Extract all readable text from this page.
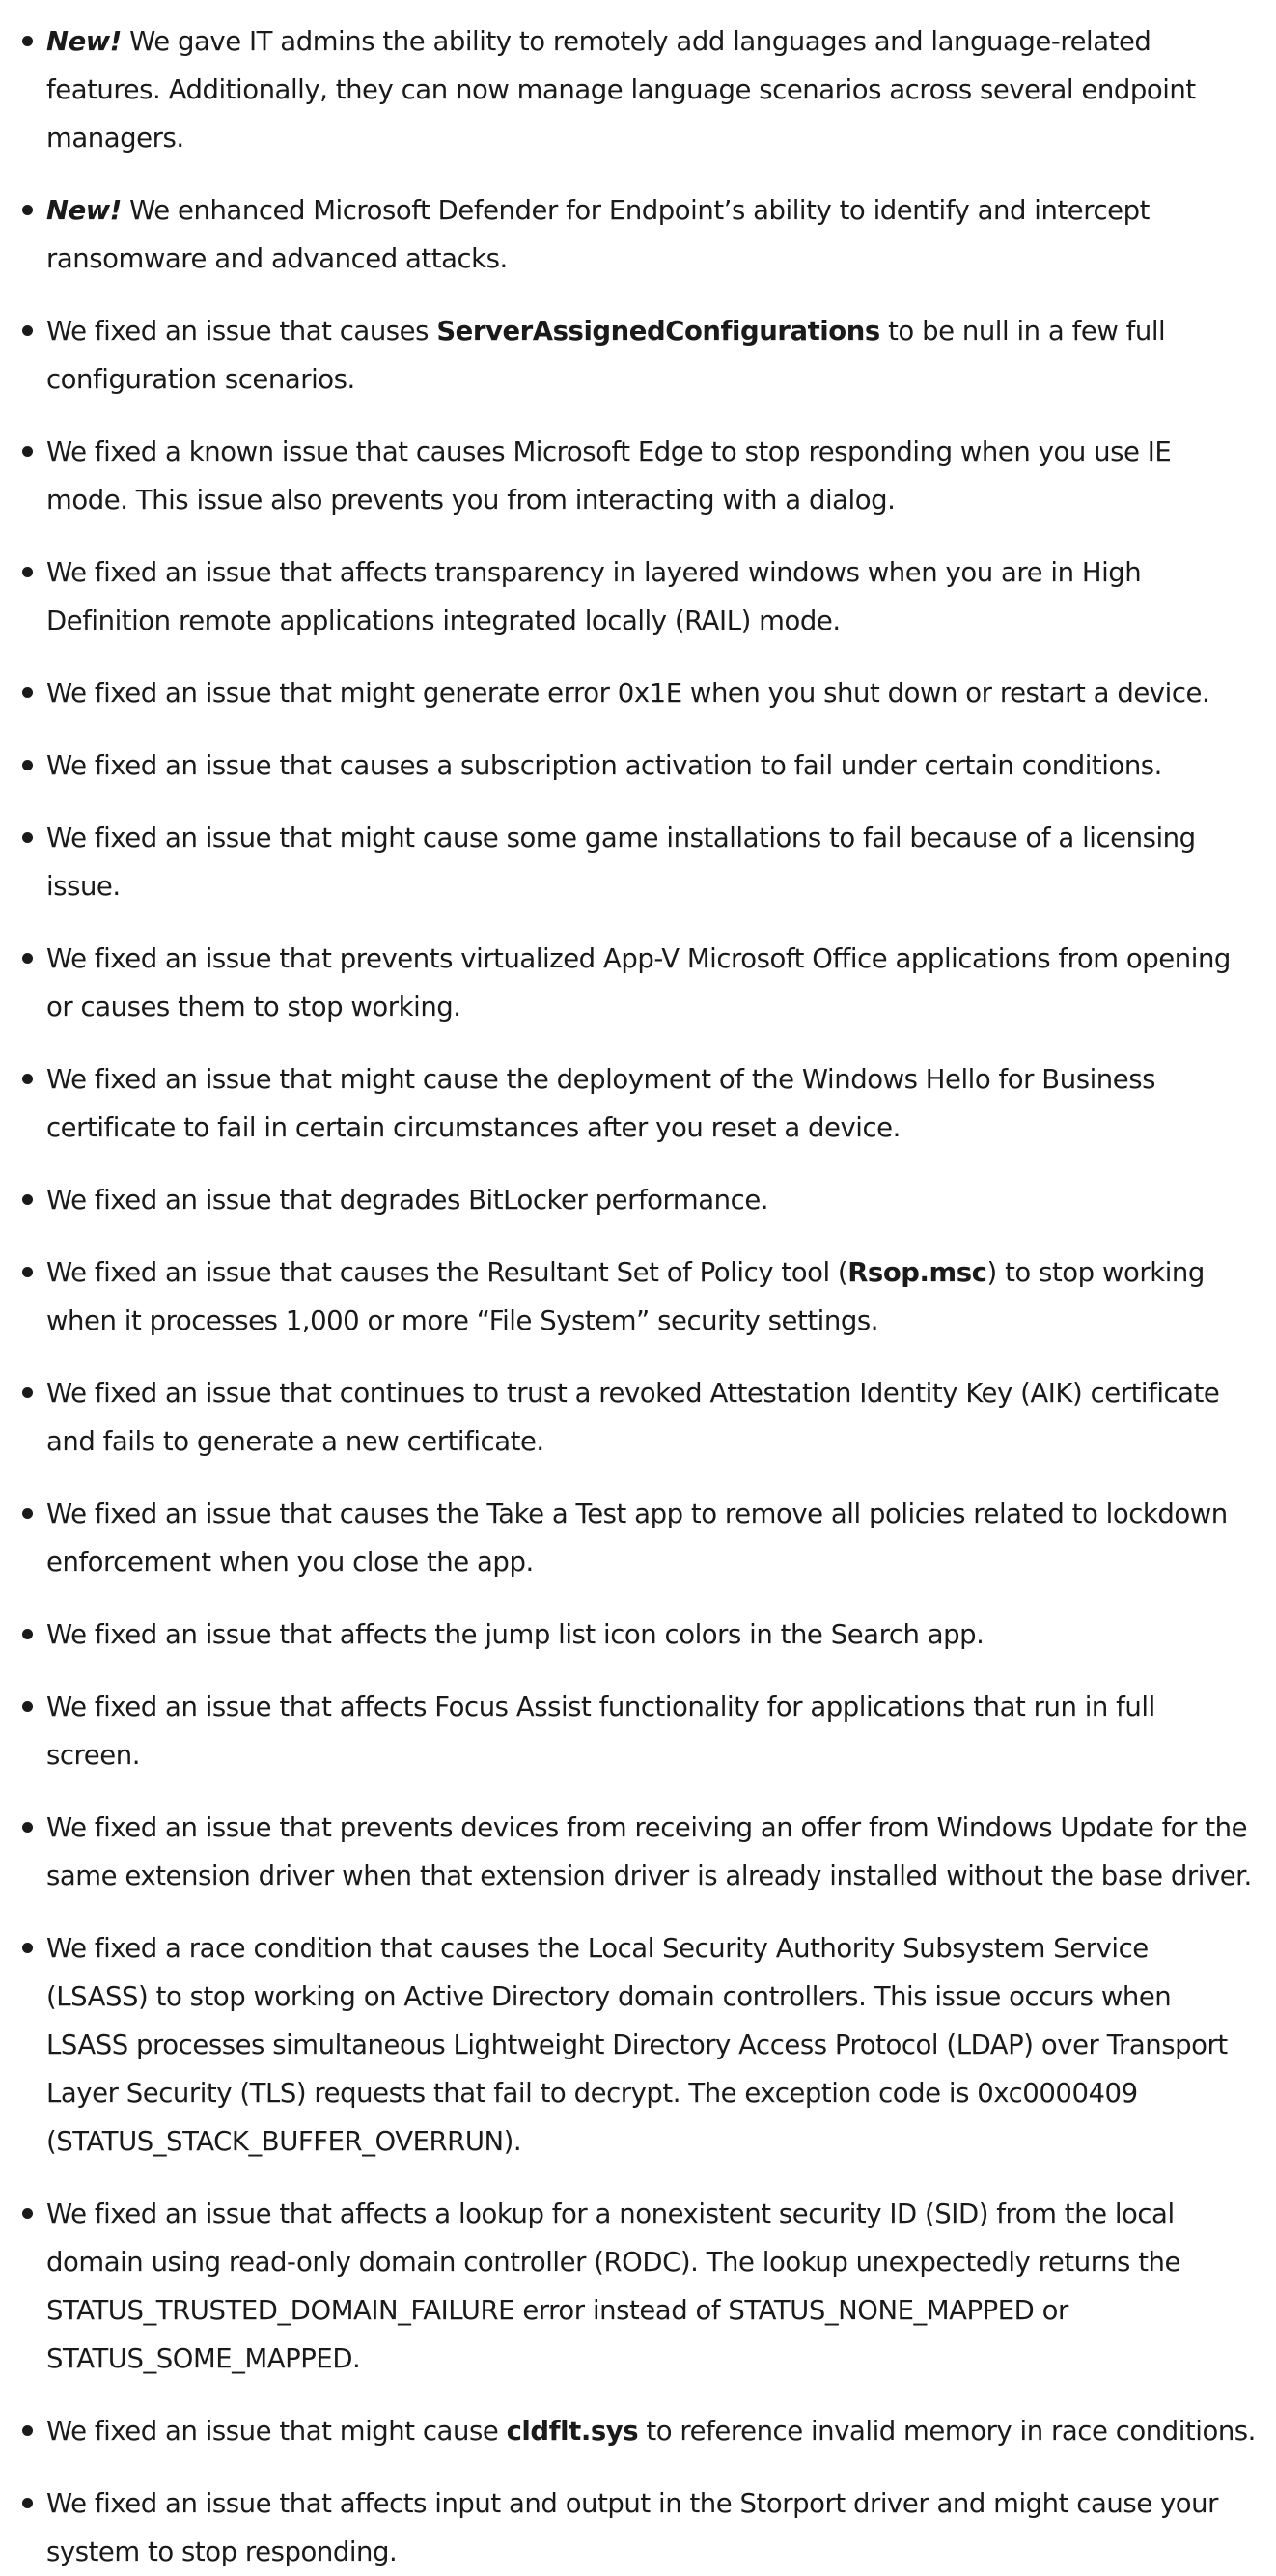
New! We gave IT admins the ability to remotely add languages and language-related features. Additionally, they can now manage language scenarios across several endpoint managers.
New! We enhanced Microsoft Defender for Endpoint’s ability to identify and intercept ransomware and advanced attacks.
We fixed an issue that causes ServerAssignedConfigurations to be null in a few full configuration scenarios.
We fixed a known issue that causes Microsoft Edge to stop responding when you use IE mode. This issue also prevents you from interacting with a dialog.
We fixed an issue that affects transparency in layered windows when you are in High Definition remote applications integrated locally (RAIL) mode.
We fixed an issue that might generate error 0x1E when you shut down or restart a device.
We fixed an issue that causes a subscription activation to fail under certain conditions.
We fixed an issue that might cause some game installations to fail because of a licensing issue.
We fixed an issue that prevents virtualized App-V Microsoft Office applications from opening or causes them to stop working.
We fixed an issue that might cause the deployment of the Windows Hello for Business certificate to fail in certain circumstances after you reset a device.
We fixed an issue that degrades BitLocker performance.
We fixed an issue that causes the Resultant Set of Policy tool (Rsop.msc) to stop working when it processes 1,000 or more “File System” security settings.
We fixed an issue that continues to trust a revoked Attestation Identity Key (AIK) certificate and fails to generate a new certificate.
We fixed an issue that causes the Take a Test app to remove all policies related to lockdown enforcement when you close the app.
We fixed an issue that affects the jump list icon colors in the Search app.
We fixed an issue that affects Focus Assist functionality for applications that run in full screen.
We fixed an issue that prevents devices from receiving an offer from Windows Update for the same extension driver when that extension driver is already installed without the base driver.
We fixed a race condition that causes the Local Security Authority Subsystem Service (LSASS) to stop working on Active Directory domain controllers. This issue occurs when LSASS processes simultaneous Lightweight Directory Access Protocol (LDAP) over Transport Layer Security (TLS) requests that fail to decrypt. The exception code is 0xc0000409 (STATUS_STACK_BUFFER_OVERRUN).
We fixed an issue that affects a lookup for a nonexistent security ID (SID) from the local domain using read-only domain controller (RODC). The lookup unexpectedly returns the STATUS_TRUSTED_DOMAIN_FAILURE error instead of STATUS_NONE_MAPPED or STATUS_SOME_MAPPED.
We fixed an issue that might cause cldflt.sys to reference invalid memory in race conditions.
We fixed an issue that affects input and output in the Storport driver and might cause your system to stop responding.
